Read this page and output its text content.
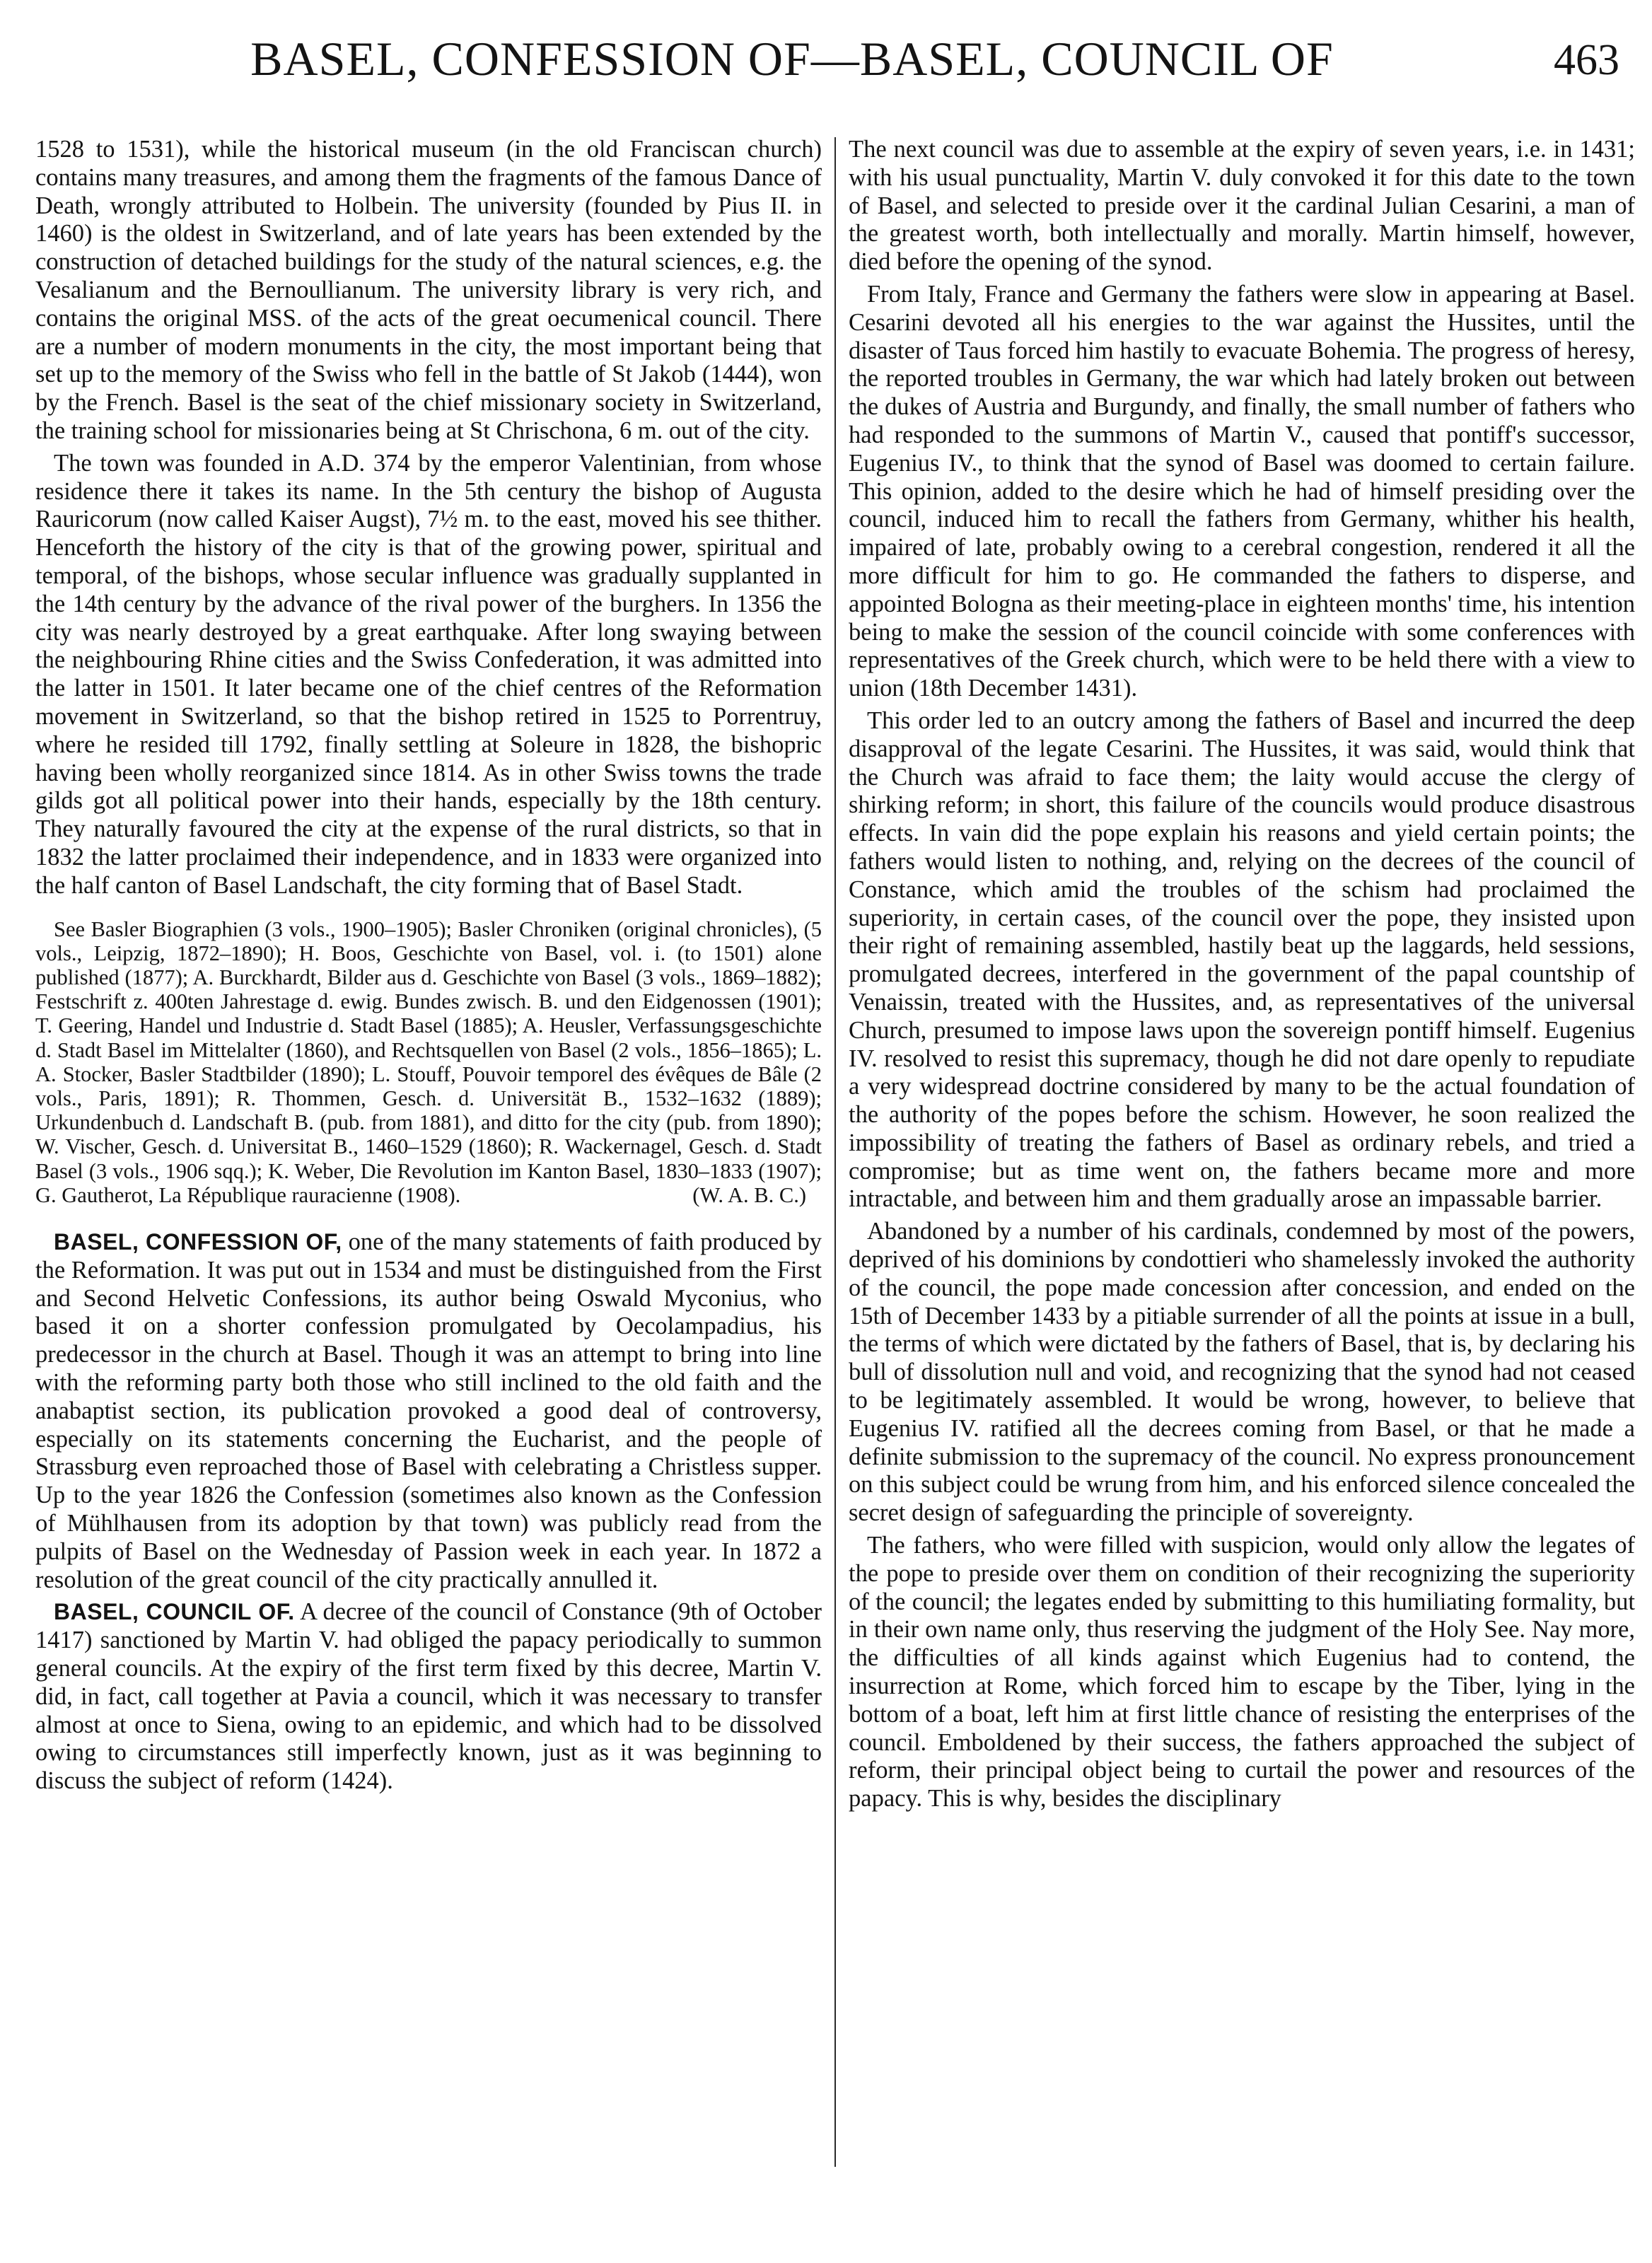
BASEL, CONFESSION OF—BASEL, COUNCIL OF	463

1528 to 1531), while the historical museum (in the old Franciscan church) contains many treasures, and among them the fragments of the famous Dance of Death, wrongly attributed to Holbein. The university (founded by Pius II. in 1460) is the oldest in Switzerland, and of late years has been extended by the construction of detached buildings for the study of the natural sciences, e.g. the Vesalianum and the Bernoullianum. The university library is very rich, and contains the original MSS. of the acts of the great oecumenical council. There are a number of modern monuments in the city, the most important being that set up to the memory of the Swiss who fell in the battle of St Jakob (1444), won by the French. Basel is the seat of the chief missionary society in Switzerland, the training school for missionaries being at St Chrischona, 6 m. out of the city.

The town was founded in A.D. 374 by the emperor Valentinian, from whose residence there it takes its name. In the 5th century the bishop of Augusta Rauricorum (now called Kaiser Augst), 7½ m. to the east, moved his see thither. Henceforth the history of the city is that of the growing power, spiritual and temporal, of the bishops, whose secular influence was gradually supplanted in the 14th century by the advance of the rival power of the burghers. In 1356 the city was nearly destroyed by a great earthquake. After long swaying between the neighbouring Rhine cities and the Swiss Confederation, it was admitted into the latter in 1501. It later became one of the chief centres of the Reformation movement in Switzerland, so that the bishop retired in 1525 to Porrentruy, where he resided till 1792, finally settling at Soleure in 1828, the bishopric having been wholly reorganized since 1814. As in other Swiss towns the trade gilds got all political power into their hands, especially by the 18th century. They naturally favoured the city at the expense of the rural districts, so that in 1832 the latter proclaimed their independence, and in 1833 were organized into the half canton of Basel Landschaft, the city forming that of Basel Stadt.

See Basler Biographien (3 vols., 1900–1905); Basler Chroniken (original chronicles), (5 vols., Leipzig, 1872–1890); H. Boos, Geschichte von Basel, vol. i. (to 1501) alone published (1877); A. Burckhardt, Bilder aus d. Geschichte von Basel (3 vols., 1869–1882); Festschrift z. 400ten Jahrestage d. ewig. Bundes zwisch. B. und den Eidgenossen (1901); T. Geering, Handel und Industrie d. Stadt Basel (1885); A. Heusler, Verfassungsgeschichte d. Stadt Basel im Mittelalter (1860), and Rechtsquellen von Basel (2 vols., 1856–1865); L. A. Stocker, Basler Stadtbilder (1890); L. Stouff, Pouvoir temporel des évêques de Bâle (2 vols., Paris, 1891); R. Thommen, Gesch. d. Universität B., 1532–1632 (1889); Urkundenbuch d. Landschaft B. (pub. from 1881), and ditto for the city (pub. from 1890); W. Vischer, Gesch. d. Universitat B., 1460–1529 (1860); R. Wackernagel, Gesch. d. Stadt Basel (3 vols., 1906 sqq.); K. Weber, Die Revolution im Kanton Basel, 1830–1833 (1907); G. Gautherot, La République rauracienne (1908).	(W. A. B. C.)

BASEL, CONFESSION OF, one of the many statements of faith produced by the Reformation. It was put out in 1534 and must be distinguished from the First and Second Helvetic Confessions, its author being Oswald Myconius, who based it on a shorter confession promulgated by Oecolampadius, his predecessor in the church at Basel. Though it was an attempt to bring into line with the reforming party both those who still inclined to the old faith and the anabaptist section, its publication provoked a good deal of controversy, especially on its statements concerning the Eucharist, and the people of Strassburg even reproached those of Basel with celebrating a Christless supper. Up to the year 1826 the Confession (sometimes also known as the Confession of Mühlhausen from its adoption by that town) was publicly read from the pulpits of Basel on the Wednesday of Passion week in each year. In 1872 a resolution of the great council of the city practically annulled it.

BASEL, COUNCIL OF. A decree of the council of Constance (9th of October 1417) sanctioned by Martin V. had obliged the papacy periodically to summon general councils. At the expiry of the first term fixed by this decree, Martin V. did, in fact, call together at Pavia a council, which it was necessary to transfer almost at once to Siena, owing to an epidemic, and which had to be dissolved owing to circumstances still imperfectly known, just as it was beginning to discuss the subject of reform (1424).

The next council was due to assemble at the expiry of seven years, i.e. in 1431; with his usual punctuality, Martin V. duly convoked it for this date to the town of Basel, and selected to preside over it the cardinal Julian Cesarini, a man of the greatest worth, both intellectually and morally. Martin himself, however, died before the opening of the synod.

From Italy, France and Germany the fathers were slow in appearing at Basel. Cesarini devoted all his energies to the war against the Hussites, until the disaster of Taus forced him hastily to evacuate Bohemia. The progress of heresy, the reported troubles in Germany, the war which had lately broken out between the dukes of Austria and Burgundy, and finally, the small number of fathers who had responded to the summons of Martin V., caused that pontiff's successor, Eugenius IV., to think that the synod of Basel was doomed to certain failure. This opinion, added to the desire which he had of himself presiding over the council, induced him to recall the fathers from Germany, whither his health, impaired of late, probably owing to a cerebral congestion, rendered it all the more difficult for him to go. He commanded the fathers to disperse, and appointed Bologna as their meeting-place in eighteen months' time, his intention being to make the session of the council coincide with some conferences with representatives of the Greek church, which were to be held there with a view to union (18th December 1431).

This order led to an outcry among the fathers of Basel and incurred the deep disapproval of the legate Cesarini. The Hussites, it was said, would think that the Church was afraid to face them; the laity would accuse the clergy of shirking reform; in short, this failure of the councils would produce disastrous effects. In vain did the pope explain his reasons and yield certain points; the fathers would listen to nothing, and, relying on the decrees of the council of Constance, which amid the troubles of the schism had proclaimed the superiority, in certain cases, of the council over the pope, they insisted upon their right of remaining assembled, hastily beat up the laggards, held sessions, promulgated decrees, interfered in the government of the papal countship of Venaissin, treated with the Hussites, and, as representatives of the universal Church, presumed to impose laws upon the sovereign pontiff himself. Eugenius IV. resolved to resist this supremacy, though he did not dare openly to repudiate a very widespread doctrine considered by many to be the actual foundation of the authority of the popes before the schism. However, he soon realized the impossibility of treating the fathers of Basel as ordinary rebels, and tried a compromise; but as time went on, the fathers became more and more intractable, and between him and them gradually arose an impassable barrier.

Abandoned by a number of his cardinals, condemned by most of the powers, deprived of his dominions by condottieri who shamelessly invoked the authority of the council, the pope made concession after concession, and ended on the 15th of December 1433 by a pitiable surrender of all the points at issue in a bull, the terms of which were dictated by the fathers of Basel, that is, by declaring his bull of dissolution null and void, and recognizing that the synod had not ceased to be legitimately assembled. It would be wrong, however, to believe that Eugenius IV. ratified all the decrees coming from Basel, or that he made a definite submission to the supremacy of the council. No express pronouncement on this subject could be wrung from him, and his enforced silence concealed the secret design of safeguarding the principle of sovereignty.

The fathers, who were filled with suspicion, would only allow the legates of the pope to preside over them on condition of their recognizing the superiority of the council; the legates ended by submitting to this humiliating formality, but in their own name only, thus reserving the judgment of the Holy See. Nay more, the difficulties of all kinds against which Eugenius had to contend, the insurrection at Rome, which forced him to escape by the Tiber, lying in the bottom of a boat, left him at first little chance of resisting the enterprises of the council. Emboldened by their success, the fathers approached the subject of reform, their principal object being to curtail the power and resources of the papacy. This is why, besides the disciplinary
